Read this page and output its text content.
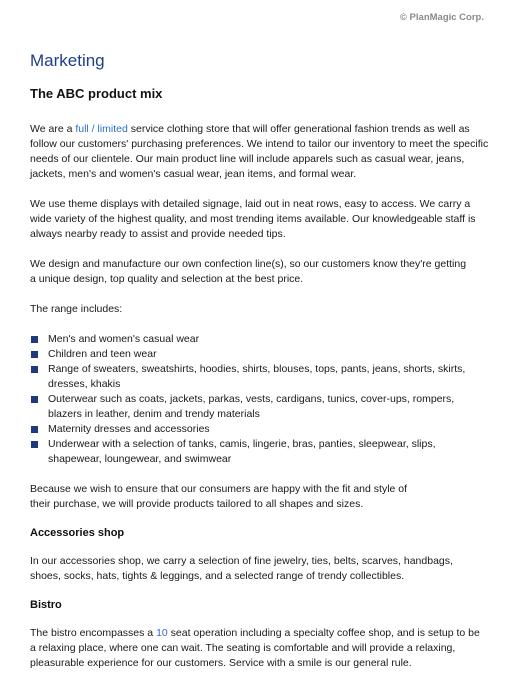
© PlanMagic Corp.
Marketing
The ABC product mix

We are a full / limited service clothing store that will offer generational fashion trends as well as follow our customers' purchasing preferences. We intend to tailor our inventory to meet the specific needs of our clientele. Our main product line will include apparels such as casual wear, jeans, jackets, men's and women's casual wear, jean items, and formal wear.

We use theme displays with detailed signage, laid out in neat rows, easy to access. We carry a wide variety of the highest quality, and most trending items available. Our knowledgeable staff is always nearby ready to assist and provide needed tips.

We design and manufacture our own confection line(s), so our customers know they're getting a unique design, top quality and selection at the best price.

The range includes:

Men's and women's casual wear
Children and teen wear
Range of sweaters, sweatshirts, hoodies, shirts, blouses, tops, pants, jeans, shorts, skirts, dresses, khakis
Outerwear such as coats, jackets, parkas, vests, cardigans, tunics, cover-ups, rompers, blazers in leather, denim and trendy materials
Maternity dresses and accessories
Underwear with a selection of tanks, camis, lingerie, bras, panties, sleepwear, slips, shapewear, loungewear, and swimwear

Because we wish to ensure that our consumers are happy with the fit and style of their purchase, we will provide products tailored to all shapes and sizes.

Accessories shop

In our accessories shop, we carry a selection of fine jewelry, ties, belts, scarves, handbags, shoes, socks, hats, tights & leggings, and a selected range of trendy collectibles.

Bistro

The bistro encompasses a 10 seat operation including a specialty coffee shop, and is setup to be a relaxing place, where one can wait. The seating is comfortable and will provide a relaxing, pleasurable experience for our customers. Service with a smile is our general rule.
